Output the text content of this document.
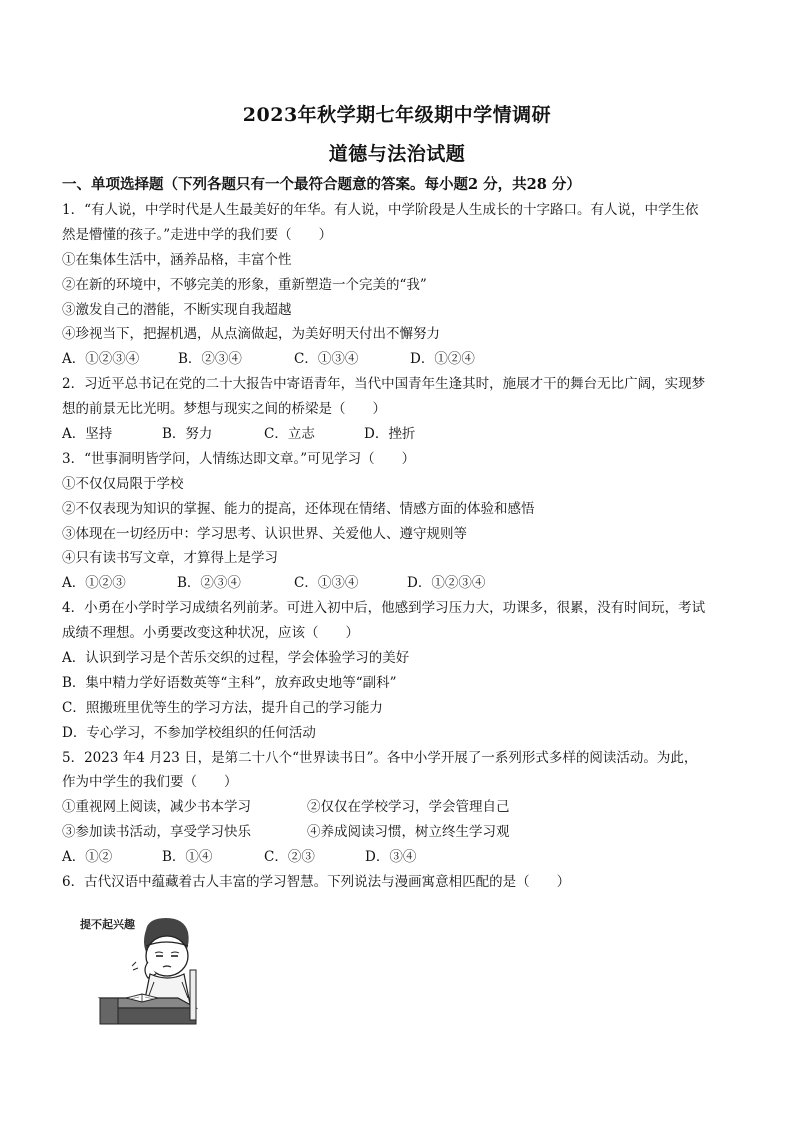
2023年秋学期七年级期中学情调研
道德与法治试题
一、单项选择题（下列各题只有一个最符合题意的答案。每小题2 分，共28 分）
1．“有人说，中学时代是人生最美好的年华。有人说，中学阶段是人生成长的十字路口。有人说，中学生依
然是懵懂的孩子。”走进中学的我们要（　　）
①在集体生活中，涵养品格，丰富个性
②在新的环境中，不够完美的形象，重新塑造一个完美的“我”
③激发自己的潜能，不断实现自我超越
④珍视当下，把握机遇，从点滴做起，为美好明天付出不懈努力
A．①②③④	B．②③④	C．①③④	D．①②④
2．习近平总书记在党的二十大报告中寄语青年，当代中国青年生逢其时，施展才干的舞台无比广阔，实现梦
想的前景无比光明。梦想与现实之间的桥梁是（　　）
A．坚持	B．努力	C．立志	D．挫折
3．“世事洞明皆学问，人情练达即文章。”可见学习（　　）
①不仅仅局限于学校
②不仅表现为知识的掌握、能力的提高，还体现在情绪、情感方面的体验和感悟
③体现在一切经历中：学习思考、认识世界、关爱他人、遵守规则等
④只有读书写文章，才算得上是学习
A．①②③	B．②③④	C．①③④	D．①②③④
4．小勇在小学时学习成绩名列前茅。可进入初中后，他感到学习压力大，功课多，很累，没有时间玩，考试
成绩不理想。小勇要改变这种状况，应该（　　）
A．认识到学习是个苦乐交织的过程，学会体验学习的美好
B．集中精力学好语数英等“主科”，放弃政史地等“副科”
C．照搬班里优等生的学习方法，提升自己的学习能力
D．专心学习，不参加学校组织的任何活动
5．2023 年4 月23 日，是第二十八个“世界读书日”。各中小学开展了一系列形式多样的阅读活动。为此，
作为中学生的我们要（　　）
①重视网上阅读，减少书本学习	②仅仅在学校学习，学会管理自己
③参加读书活动，享受学习快乐	④养成阅读习惯，树立终生学习观
A．①②	B．①④	C．②③	D．③④
6．古代汉语中蕴藏着古人丰富的学习智慧。下列说法与漫画寓意相匹配的是（　　）
提不起兴趣
